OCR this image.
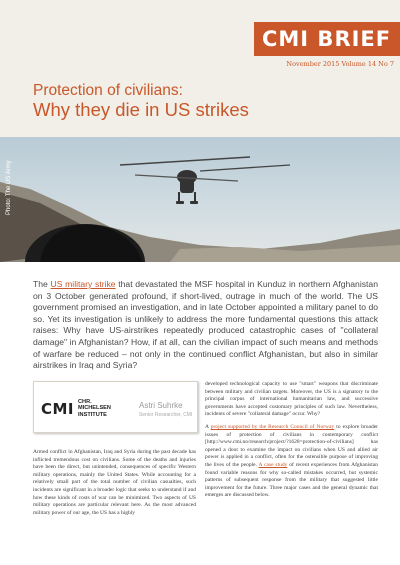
CMI BRIEF
November 2015 Volume 14 No 7
Protection of civilians:
Why they die in US strikes
Photo: The US Army
The US military strike that devastated the MSF hospital in Kunduz in northern Afghanistan on 3 October generated profound, if short-lived, outrage in much of the world. The US government promised an investigation, and in late October appointed a military panel to do so. Yet its investigation is unlikely to address the more fundamental questions this attack raises: Why have US-airstrikes repeatedly produced catastrophic cases of "collateral damage" in Afghanistan? How, if at all, can the civilian impact of such means and methods of warfare be reduced – not only in the continued conflict Afghanistan, but also in similar airstrikes in Iraq and Syria?
CMI CHR.
MICHELSEN
INSTITUTE
Astri Suhrke
Senior Researcher, CMI

Armed conflict in Afghanistan, Iraq and Syria during the past decade has inflicted tremendous cost on civilians. Some of the deaths and injuries have been the direct, but unintended, consequences of specific Western military operations, mainly the United States. While accounting for a relatively small part of the total number of civilian casualties, such incidents are significant in a broader logic that seeks to understand if and how these kinds of costs of war can be minimized. Two aspects of US military operations are particular relevant here. As the most advanced military power of our age, the US has a highly

developed technological capacity to use "smart" weapons that discriminate between military and civilian targets. Moreover, the US is a signatory to the principal corpus of international humanitarian law, and successive governments have accepted customary principles of such law. Nevertheless, incidents of severe "collateral damage" occur. Why?

A project supported by the Research Council of Norway to explore broader issues of protection of civilians in contemporary conflict [http://www.cmi.no/research/project/?1628=protection-of-civilians] has opened a door to examine the impact on civilians when US and allied air power is applied in a conflict, often for the ostensible purpose of improving the lives of the people. A case study of recent experiences from Afghanistan found variable reasons for why so-called mistakes occurred, but systemic patterns of subsequent response from the military that suggested little improvement for the future. Three major cases and the general dynamic that emerges are discussed below.
